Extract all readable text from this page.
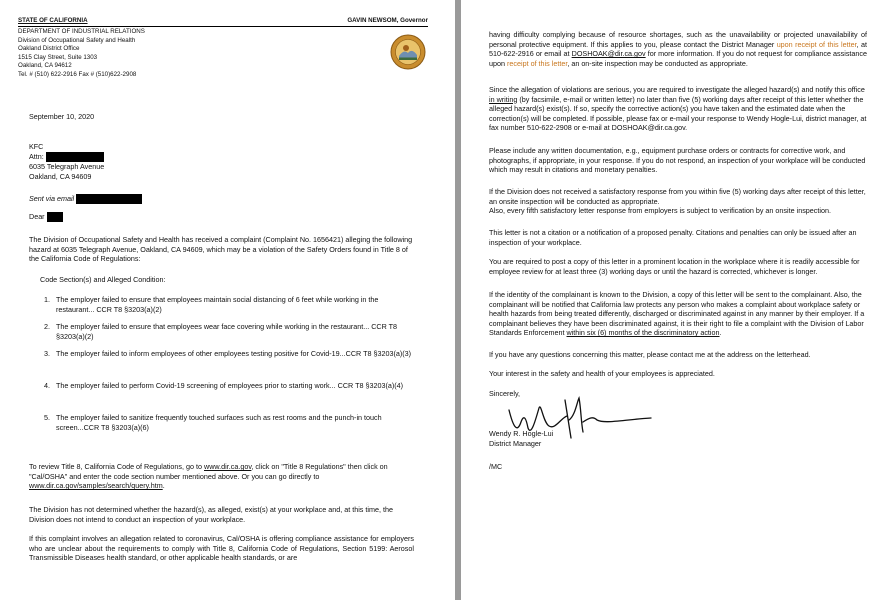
STATE OF CALIFORNIA	GAVIN NEWSOM, Governor
DEPARTMENT OF INDUSTRIAL RELATIONS
Division of Occupational Safety and Health
Oakland District Office
1515 Clay Street, Suite 1303
Oakland, CA 94612
Tel. # (510) 622-2916 Fax # (510)622-2908
September 10, 2020
KFC
Attn:
6035 Telegraph Avenue
Oakland, CA 94609
Sent via email
Dear

The Division of Occupational Safety and Health has received a complaint (Complaint No. 1656421) alleging the following hazard at 6035 Telegraph Avenue, Oakland, CA 94609, which may be a violation of the Safety Orders found in Title 8 of the California Code of Regulations:

Code Section(s) and Alleged Condition:
1. The employer failed to ensure that employees maintain social distancing of 6 feet while working in the restaurant... CCR T8 §3203(a)(2)
2. The employer failed to ensure that employees wear face covering while working in the restaurant... CCR T8 §3203(a)(2)
3. The employer failed to inform employees of other employees testing positive for Covid-19...CCR T8 §3203(a)(3)
4. The employer failed to perform Covid-19 screening of employees prior to starting work... CCR T8 §3203(a)(4)
5. The employer failed to sanitize frequently touched surfaces such as rest rooms and the punch-in touch screen...CCR T8 §3203(a)(6)

To review Title 8, California Code of Regulations, go to www.dir.ca.gov, click on "Title 8 Regulations" then click on "Cal/OSHA" and enter the code section number mentioned above. Or you can go directly to www.dir.ca.gov/samples/search/query.htm.

The Division has not determined whether the hazard(s), as alleged, exist(s) at your workplace and, at this time, the Division does not intend to conduct an inspection of your workplace.

If this complaint involves an allegation related to coronavirus, Cal/OSHA is offering compliance assistance for employers who are unclear about the requirements to comply with Title 8, California Code of Regulations, Section 5199: Aerosol Transmissible Diseases health standard, or other applicable health standards, or are

having difficulty complying because of resource shortages, such as the unavailability or projected unavailability of personal protective equipment. If this applies to you, please contact the District Manager upon receipt of this letter, at 510-622-2916 or email at DOSHOAK@dir.ca.gov for more information. If you do not request for compliance assistance upon receipt of this letter, an on-site inspection may be conducted as appropriate.

Since the allegation of violations are serious, you are required to investigate the alleged hazard(s) and notify this office in writing (by facsimile, e-mail or written letter) no later than five (5) working days after receipt of this letter whether the alleged hazard(s) exist(s). If so, specify the corrective action(s) you have taken and the estimated date when the correction(s) will be completed. If possible, please fax or e-mail your response to Wendy Hogle-Lui, district manager, at fax number 510-622-2908 or e-mail at DOSHOAK@dir.ca.gov.

Please include any written documentation, e.g., equipment purchase orders or contracts for corrective work, and photographs, if appropriate, in your response. If you do not respond, an inspection of your workplace will be conducted which may result in citations and monetary penalties.

If the Division does not received a satisfactory response from you within five (5) working days after receipt of this letter, an onsite inspection will be conducted as appropriate.

Also, every fifth satisfactory letter response from employers is subject to verification by an onsite inspection.

This letter is not a citation or a notification of a proposed penalty. Citations and penalties can only be issued after an inspection of your workplace.

You are required to post a copy of this letter in a prominent location in the workplace where it is readily accessible for employee review for at least three (3) working days or until the hazard is corrected, whichever is longer.

If the identity of the complainant is known to the Division, a copy of this letter will be sent to the complainant. Also, the complainant will be notified that California law protects any person who makes a complaint about workplace safety or health hazards from being treated differently, discharged or discriminated against in any manner by their employer. If a complainant believes they have been discriminated against, it is their right to file a complaint with the Division of Labor Standards Enforcement within six (6) months of the discriminatory action.

If you have any questions concerning this matter, please contact me at the address on the letterhead.

Your interest in the safety and health of your employees is appreciated.

Sincerely,
Wendy R. Hogle-Lui
District Manager
/MC
